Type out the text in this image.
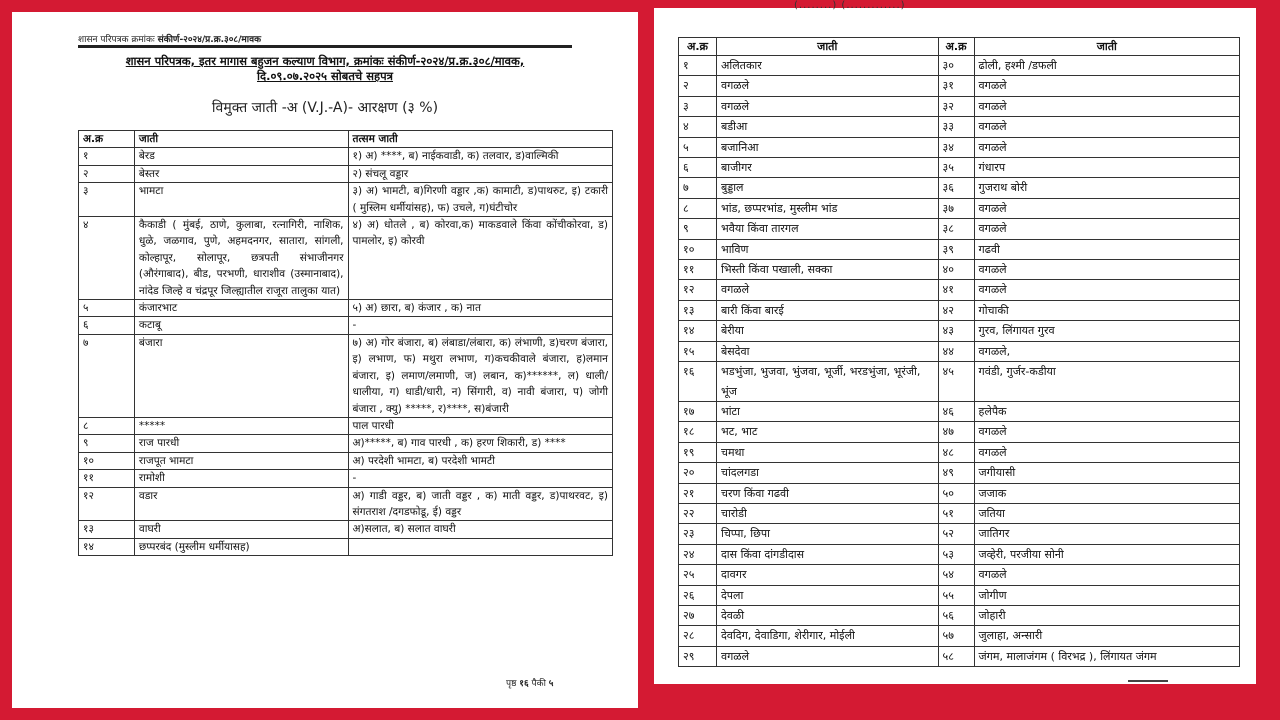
शासन परिपत्रक क्रमांकः संकीर्ण-२०२४/प्र.क्र.३०८/मावक
शासन परिपत्रक, इतर मागास बहुजन कल्याण विभाग, क्रमांकः संकीर्ण-२०२४/प्र.क्र.३०८/मावक,
दि.०९.०७.२०२५ सोबतचे सहपत्र
विमुक्त जाती -अ (V.J.-A)- आरक्षण (३ %)
अ.क्र	जाती	तत्सम जाती
१	बेरड	१) अ) ****, ब) नाईकवाडी, क) तलवार, ड)वाल्मिकी
२	बेस्तर	२) संचलू वड्डार
३	भामटा	३) अ) भामटी, ब)गिरणी वड्डार ,क) कामाटी, ड)पाथरुट, इ) टकारी ( मुस्लिम धर्मीयांसह), फ) उचले, ग)घंटीचोर
४	कैकाडी ( मुंबई, ठाणे, कुलाबा, रत्नागिरी, नाशिक, धुळे, जळगाव, पुणे, अहमदनगर, सातारा, सांगली, कोल्हापूर, सोलापूर, छत्रपती संभाजीनगर (औरंगाबाद), बीड, परभणी, धाराशीव (उस्मानाबाद), नांदेड जिल्हे व चंद्रपूर जिल्ह्यातील राजूरा तालुका यात)	४) अ) धोतले , ब) कोरवा,क) माकडवाले किंवा कोंचीकोरवा, ड) पामलोर, इ) कोरवी
५	कंजारभाट	५) अ) छारा, ब) कंजार , क) नात
६	कटाबू	-
७	बंजारा	७) अ) गोर बंजारा, ब) लंबाडा/लंबारा, क) लंभाणी, ड)चरण बंजारा, इ) लभाण, फ) मथुरा लभाण, ग)कचकीवाले बंजारा, ह)लमान बंजारा, इ) लमाण/लमाणी, ज) लबान, क)******, ल) धाली/ धालीया, ग) धाडी/धारी, न) सिंगारी, व) नावी बंजारा, प) जोगी बंजारा , क्यु) *****, र)****, स)बंजारी
८	*****	पाल पारधी
९	राज पारधी	अ)*****, ब) गाव पारधी , क) हरण शिकारी, ड) ****
१०	राजपूत भामटा	अ) परदेशी भामटा, ब) परदेशी भामटी
११	रामोशी	-
१२	वडार	अ) गाडी वड्डर, ब) जाती वड्डर , क) माती वड्डर, ड)पाथरवट, इ) संगतराश /दगडफोडू, ई) वड्डर
१३	वाघरी	अ)सलात, ब) सलात वाघरी
१४	छप्परबंद (मुस्लीम धर्मीयासह)	
पृष्ठ १६ पैकी ५
(........) (.............)
अ.क्र	जाती	अ.क्र	जाती
१	अलितकार	३०	ढोली, हश्मी /डफली
२	वगळले	३१	वगळले
३	वगळले	३२	वगळले
४	बडीआ	३३	वगळले
५	बजानिआ	३४	वगळले
६	बाजीगर	३५	गंधारप
७	बुड्डाल	३६	गुजराथ बोरी
८	भांड, छप्परभांड, मुस्लीम भांड	३७	वगळले
९	भवैया किंवा तारगल	३८	वगळले
१०	भाविण	३९	गढवी
११	भिस्ती किंवा पखाली, सक्का	४०	वगळले
१२	वगळले	४१	वगळले
१३	बारी किंवा बारई	४२	गोचाकी
१४	बेरीया	४३	गुरव, लिंगायत गुरव
१५	बेसदेवा	४४	वगळले,
१६	भडभुंजा, भुजवा, भुंजवा, भूर्जी, भरडभुंजा, भूरंजी, भूंज	४५	गवंडी, गुर्जर-कडीया
१७	भांटा	४६	हलेपैक
१८	भट, भाट	४७	वगळले
१९	चमथा	४८	वगळले
२०	चांदलगडा	४९	जगीयासी
२१	चरण किंवा गढवी	५०	जजाक
२२	चारोडी	५१	जतिया
२३	चिप्पा, छिपा	५२	जातिगर
२४	दास किंवा दांगडीदास	५३	जव्हेरी, परजीया सोनी
२५	दावगर	५४	वगळले
२६	देपला	५५	जोगीण
२७	देवळी	५६	जोहारी
२८	देवदिग, देवाडिगा, शेरीगार, मोईली	५७	जुलाहा, अन्सारी
२९	वगळले	५८	जंगम, मालाजंगम ( विरभद्र ), लिंगायत जंगम
